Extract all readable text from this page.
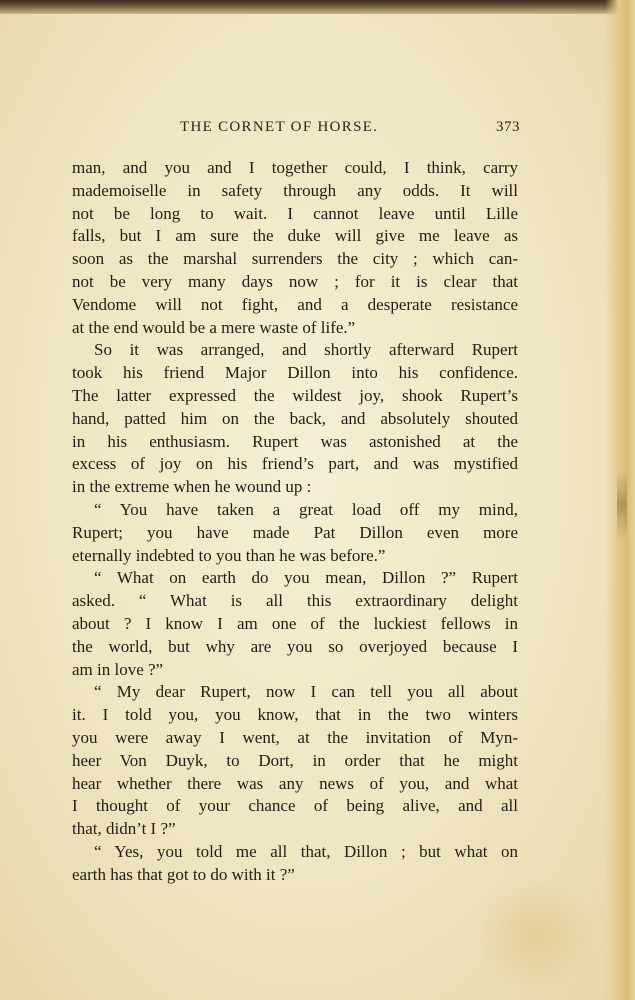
THE CORNET OF HORSE.	373
man, and you and I together could, I think, carry
mademoiselle in safety through any odds. It will
not be long to wait. I cannot leave until Lille
falls, but I am sure the duke will give me leave as
soon as the marshal surrenders the city ; which can-
not be very many days now ; for it is clear that
Vendome will not fight, and a desperate resistance
at the end would be a mere waste of life.”
So it was arranged, and shortly afterward Rupert
took his friend Major Dillon into his confidence.
The latter expressed the wildest joy, shook Rupert’s
hand, patted him on the back, and absolutely shouted
in his enthusiasm. Rupert was astonished at the
excess of joy on his friend’s part, and was mystified
in the extreme when he wound up :
“ You have taken a great load off my mind,
Rupert; you have made Pat Dillon even more
eternally indebted to you than he was before.”
“ What on earth do you mean, Dillon ?” Rupert
asked. “ What is all this extraordinary delight
about ? I know I am one of the luckiest fellows in
the world, but why are you so overjoyed because I
am in love ?”
“ My dear Rupert, now I can tell you all about
it. I told you, you know, that in the two winters
you were away I went, at the invitation of Myn-
heer Von Duyk, to Dort, in order that he might
hear whether there was any news of you, and what
I thought of your chance of being alive, and all
that, didn’t I ?”
“ Yes, you told me all that, Dillon ; but what on
earth has that got to do with it ?”
